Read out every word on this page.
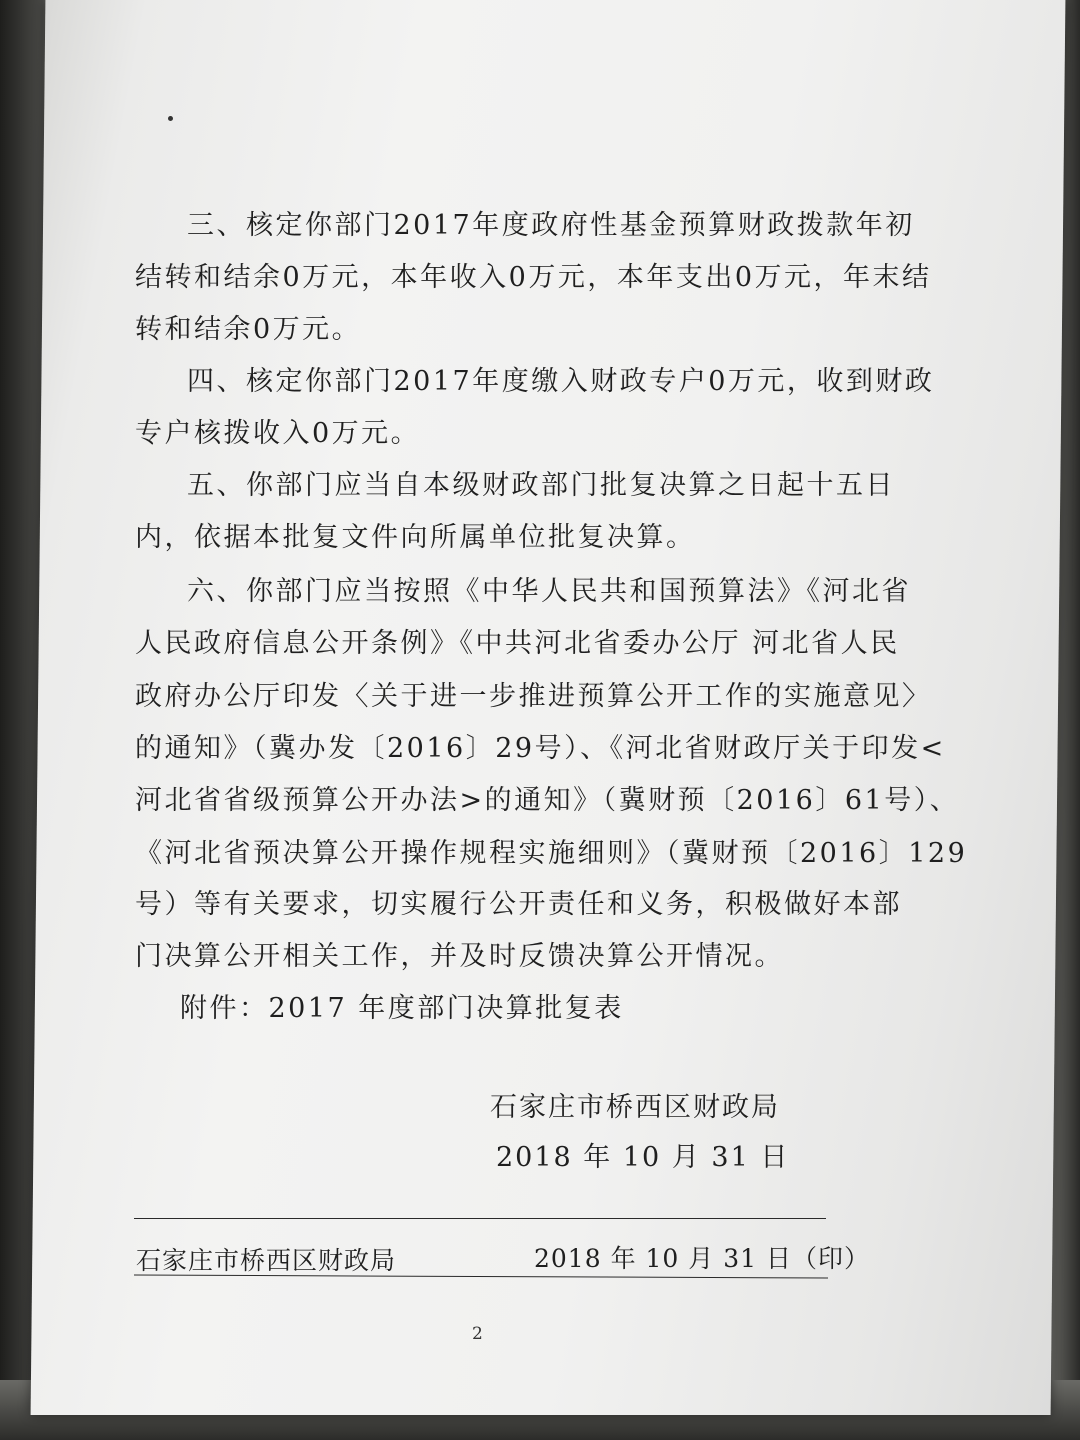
三、核定你部门2017年度政府性基金预算财政拨款年初
结转和结余0万元，本年收入0万元，本年支出0万元，年末结
转和结余0万元。
四、核定你部门2017年度缴入财政专户0万元，收到财政
专户核拨收入0万元。
五、你部门应当自本级财政部门批复决算之日起十五日
内，依据本批复文件向所属单位批复决算。
六、你部门应当按照《中华人民共和国预算法》《河北省
人民政府信息公开条例》《中共河北省委办公厅 河北省人民
政府办公厅印发〈关于进一步推进预算公开工作的实施意见〉
的通知》（冀办发〔2016〕29号）、《河北省财政厅关于印发<
河北省省级预算公开办法>的通知》（冀财预〔2016〕61号）、
《河北省预决算公开操作规程实施细则》（冀财预〔2016〕129
号）等有关要求，切实履行公开责任和义务，积极做好本部
门决算公开相关工作，并及时反馈决算公开情况。
附件：2017 年度部门决算批复表
石家庄市桥西区财政局
2018 年 10 月 31 日
石家庄市桥西区财政局	2018 年 10 月 31 日（印）
2
